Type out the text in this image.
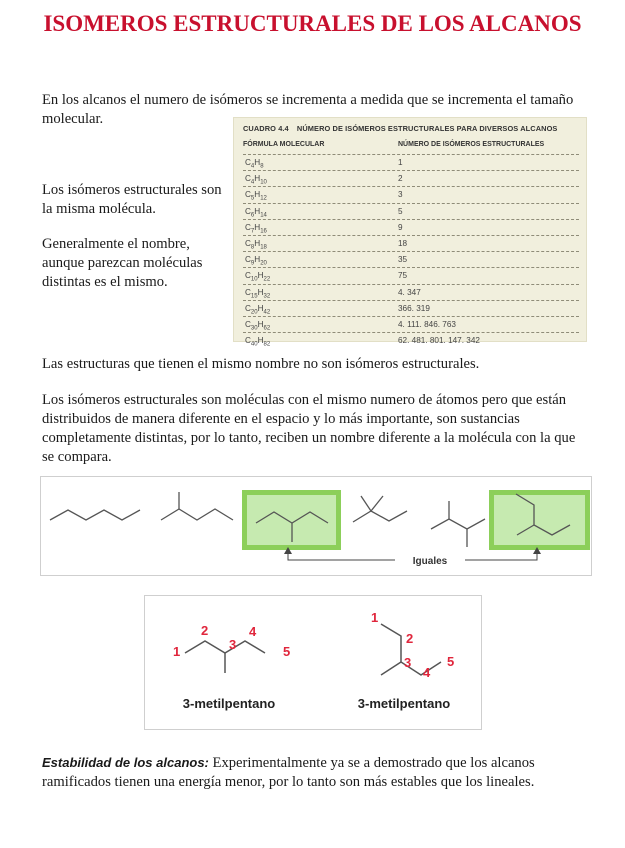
ISOMEROS ESTRUCTURALES DE LOS ALCANOS
En los alcanos el numero de isómeros se incrementa a medida que se incrementa el tamaño molecular.
Los isómeros estructurales son la misma molécula.
Generalmente el nombre, aunque parezcan moléculas distintas es el mismo.
CUADRO 4.4 NÚMERO DE ISÓMEROS ESTRUCTURALES PARA DIVERSOS ALCANOS
FÓRMULA MOLECULAR	NÚMERO DE ISÓMEROS ESTRUCTURALES
$C_4H_8$	1
$C_4H_{10}$	2
$C_5H_{12}$	3
$C_6H_{14}$	5
$C_7H_{16}$	9
$C_8H_{18}$	18
$C_9H_{20}$	35
$C_{10}H_{22}$	75
$C_{15}H_{32}$	4. 347
$C_{20}H_{42}$	366. 319
$C_{30}H_{62}$	4. 111. 846. 763
$C_{40}H_{82}$	62. 481. 801. 147. 342
Las estructuras que tienen el mismo nombre no son isómeros estructurales.
Los isómeros estructurales son moléculas con el mismo numero de átomos pero que están distribuidos de manera diferente en el espacio y lo más importante, son sustancias completamente distintas, por lo tanto, reciben un nombre diferente a la molécula con la que se compara.
Iguales
1
2
3
4
5
1
2
3
4
5
3-metilpentano	3-metilpentano
Estabilidad de los alcanos: Experimentalmente ya se a demostrado que los alcanos ramificados tienen una energía menor, por lo tanto son más estables que los lineales.
